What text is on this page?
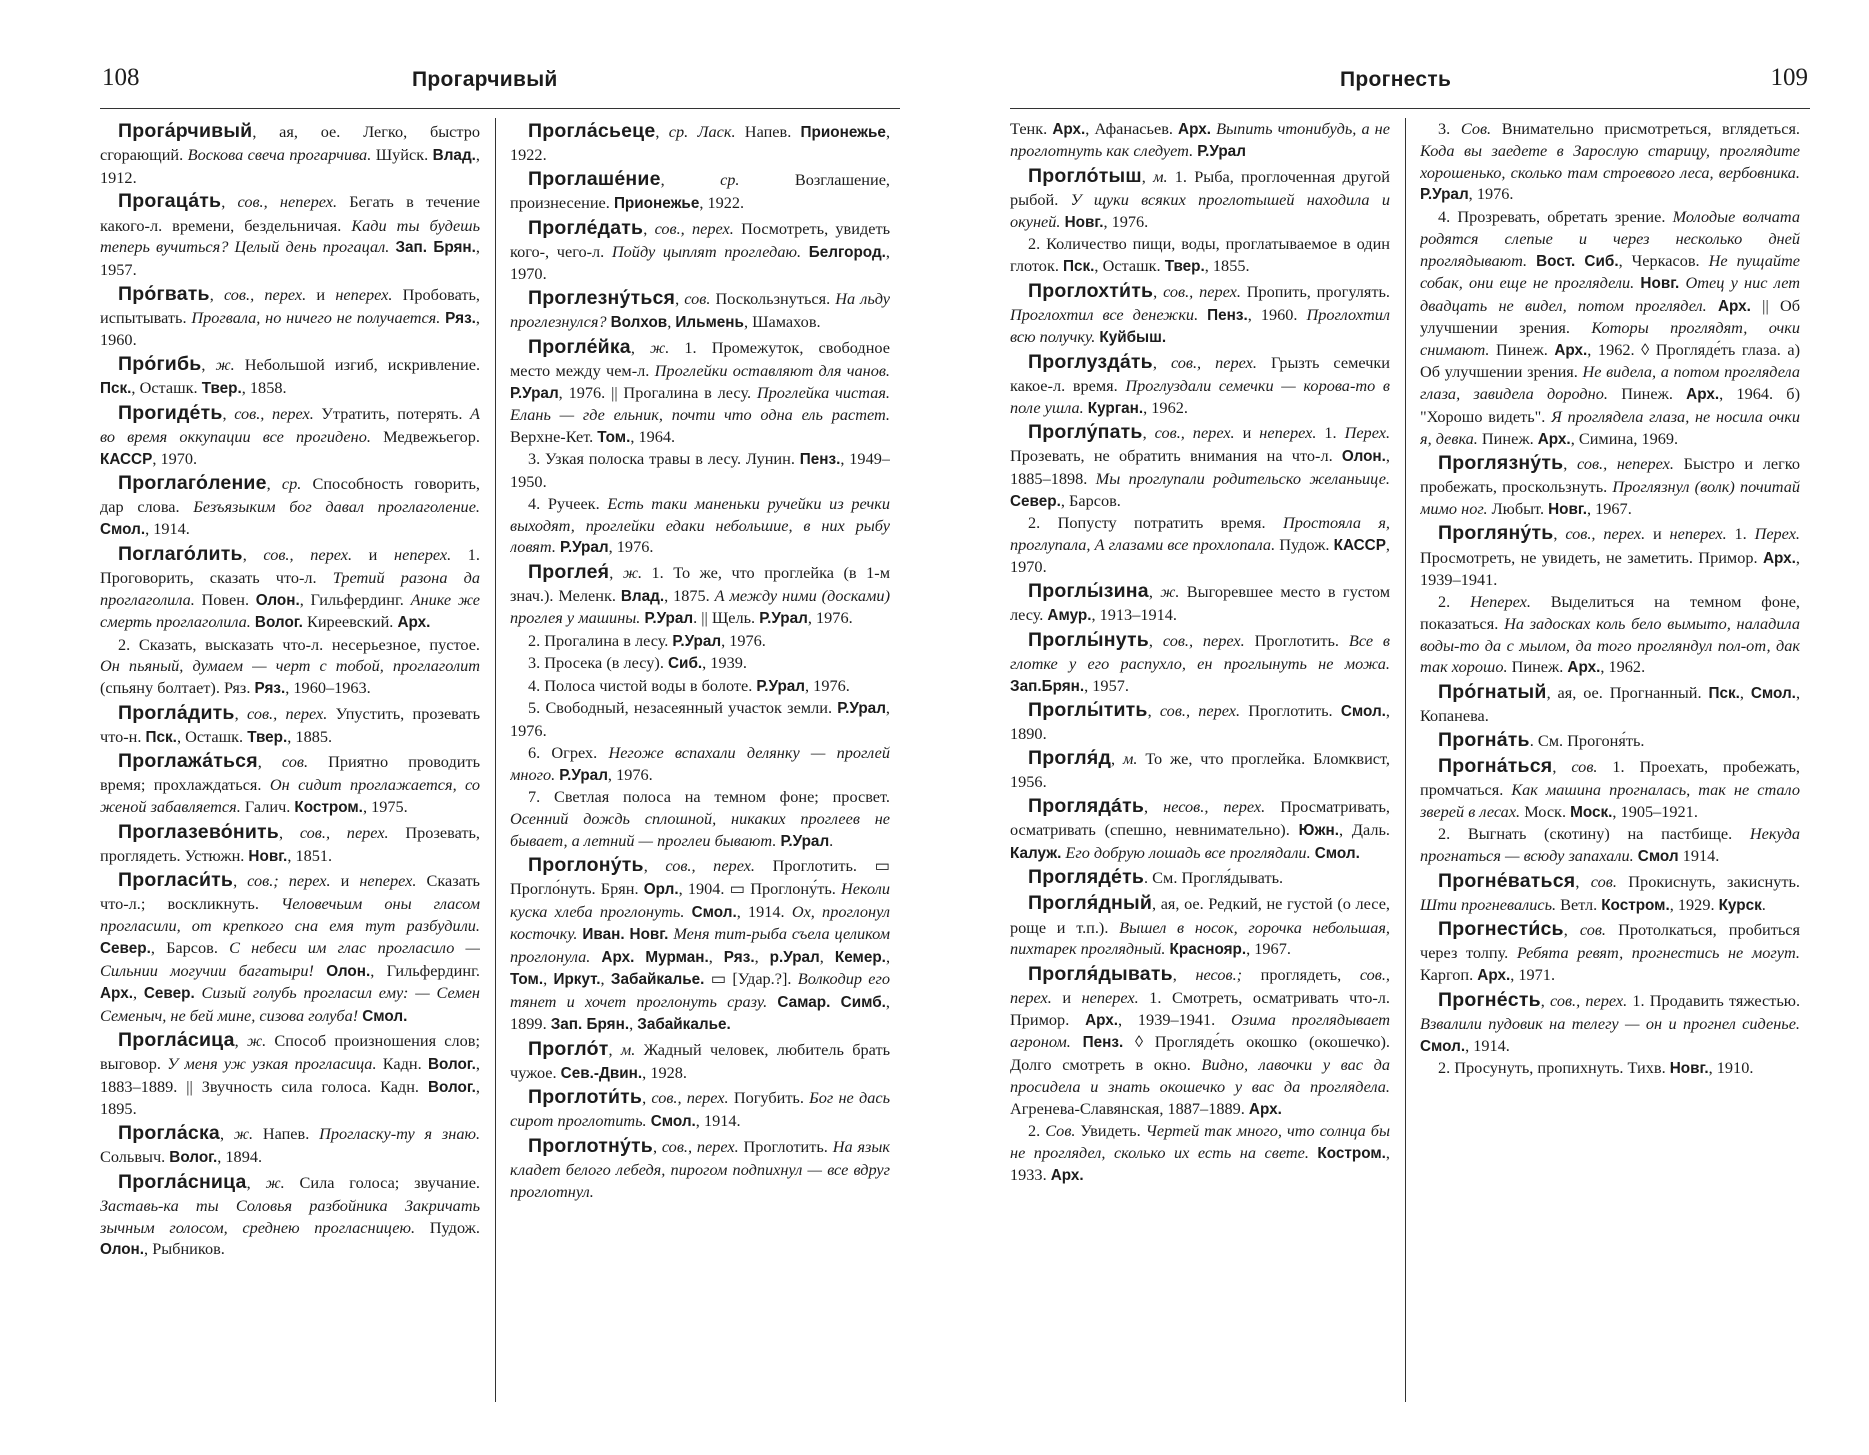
108	Прогарчивый

Прога́рчивый, ая, ое. Легко, быстро сгорающий. Воскова свеча прогарчива. Шуйск. Влад., 1912.

Прогаца́ть, сов., неперех. Бегать в течение какого-л. времени, бездельничая. Кади ты будешь теперь вучиться? Целый день прогацал. Зап. Брян., 1957.

Про́гвать, сов., перех. и неперех. Пробовать, испытывать. Прогвала, но ничего не получается. Ряз., 1960.

Про́гибь, ж. Небольшой изгиб, искривление. Пск., Осташк. Твер., 1858.

Прогиде́ть, сов., перех. Утратить, потерять. А во время оккупации все прогидено. Медвежьегор. КАССР, 1970.

Проглаго́ление, ср. Способность говорить, дар слова. Безъязыким бог давал проглаголение. Смол., 1914.

Поглаго́лить, сов., перех. и неперех. 1. Проговорить, сказать что-л. Третий разона да проглаголила. Повен. Олон., Гильфердинг. Анике же смерть проглаголила. Волог. Киреевский. Арх.

2. Сказать, высказать что-л. несерьезное, пустое. Он пьяный, думаем — черт с тобой, проглаголит (спьяну болтает). Ряз. Ряз., 1960–1963.

Прогла́дить, сов., перех. Упустить, прозевать что-н. Пск., Осташк. Твер., 1885.

Проглажа́ться, сов. Приятно проводить время; прохлаждаться. Он сидит проглажается, со женой забавляется. Галич. Костром., 1975.

Проглазево́нить, сов., перех. Прозевать, проглядеть. Устюжн. Новг., 1851.

Прогласи́ть, сов.; перех. и неперех. Сказать что-л.; воскликнуть. Человечьим оны гласом прогласили, от крепкого сна емя тут разбудили. Север., Барсов. С небеси им глас прогласило — Сильнии могучии багатыри! Олон., Гильфердинг. Арх., Север. Сизый голубь прогласил ему: — Семен Семеныч, не бей мине, сизова голуба! Смол.

Прогла́сица, ж. Способ произношения слов; выговор. У меня уж узкая прогласица. Кадн. Волог., 1883–1889. || Звучность сила голоса. Кадн. Волог., 1895.

Прогла́ска, ж. Напев. Прогласку-ту я знаю. Сольвыч. Волог., 1894.

Прогла́сница, ж. Сила голоса; звучание. Заставь-ка ты Соловья разбойника Закричать зычным голосом, среднею прогласницею. Пудож. Олон., Рыбников.

Прогла́сьеце, ср. Ласк. Напев. Прионежье, 1922.

Проглаше́ние, ср. Возглашение, произнесение. Прионежье, 1922.

Прогле́дать, сов., перех. Посмотреть, увидеть кого-, чего-л. Пойду цыплят прогледаю. Белгород., 1970.

Проглезну́ться, сов. Поскользнуться. На льду проглезнулся? Волхов, Ильмень, Шамахов.

Прогле́йка, ж. 1. Промежуток, свободное место между чем-л. Проглейки оставляют для чанов. Р.Урал, 1976. || Прогалина в лесу. Проглейка чистая. Елань — где ельник, почти что одна ель растет. Верхне-Кет. Том., 1964.

3. Узкая полоска травы в лесу. Лунин. Пенз., 1949–1950.

4. Ручеек. Есть таки маненьки ручейки из речки выходят, проглейки едаки небольшие, в них рыбу ловят. Р.Урал, 1976.

Проглея́, ж. 1. То же, что проглейка (в 1-м знач.). Меленк. Влад., 1875. А между ними (досками) проглея у машины. Р.Урал. || Щель. Р.Урал, 1976.

2. Прогалина в лесу. Р.Урал, 1976.

3. Просека (в лесу). Сиб., 1939.

4. Полоса чистой воды в болоте. Р.Урал, 1976.

5. Свободный, незасеянный участок земли. Р.Урал, 1976.

6. Огрех. Негоже вспахали делянку — проглей много. Р.Урал, 1976.

7. Светлая полоса на темном фоне; просвет. Осенний дождь сплошной, никаких проглеев не бывает, а летний — проглеи бывают. Р.Урал.

Проглону́ть, сов., перех. Проглотить. ▭ Прогло́нуть. Брян. Орл., 1904. ▭ Проглону́ть. Неколи куска хлеба проглонуть. Смол., 1914. Ох, проглонул косточку. Иван. Новг. Меня тит-рыба съела целиком проглонула. Арх. Мурман., Ряз., р.Урал, Кемер., Том., Иркут., Забайкалье. ▭ [Удар.?]. Волкодир его тянет и хочет проглонуть сразу. Самар. Симб., 1899. Зап. Брян., Забайкалье.

Прогло́т, м. Жадный человек, любитель брать чужое. Сев.-Двин., 1928.

Проглоти́ть, сов., перех. Погубить. Бог не дась сирот проглотить. Смол., 1914.

Проглотну́ть, сов., перех. Проглотить. На язык кладет белого лебедя, пирогом подпихнул — все вдруг проглотнул.

Прогнесть	109

Тенк. Арх., Афанасьев. Арх. Выпить чтонибудь, а не проглотнуть как следует. Р.Урал

Прогло́тыш, м. 1. Рыба, проглоченная другой рыбой. У щуки всяких проглотышей находила и окуней. Новг., 1976.

2. Количество пищи, воды, проглатываемое в один глоток. Пск., Осташк. Твер., 1855.

Проглохти́ть, сов., перех. Пропить, прогулять. Проглохтил все денежки. Пенз., 1960. Проглохтил всю получку. Куйбыш.

Проглузда́ть, сов., перех. Грызть семечки какое-л. время. Проглуздали семечки — корова-то в поле ушла. Курган., 1962.

Проглу́пать, сов., перех. и неперех. 1. Перех. Прозевать, не обратить внимания на что-л. Олон., 1885–1898. Мы проглупали родительско желаньице. Север., Барсов.

2. Попусту потратить время. Простояла я, проглупала, А глазами все прохлопала. Пудож. КАССР, 1970.

Проглы́зина, ж. Выгоревшее место в густом лесу. Амур., 1913–1914.

Проглы́нуть, сов., перех. Проглотить. Все в глотке у его распухло, ен проглынуть не можа. Зап.Брян., 1957.

Проглы́тить, сов., перех. Проглотить. Смол., 1890.

Прогля́д, м. То же, что проглейка. Бломквист, 1956.

Проглядáть, несов., перех. Просматривать, осматривать (спешно, невнимательно). Южн., Даль. Калуж. Его добрую лошадь все проглядали. Смол.

Прогляде́ть. См. Прогля́дывать.

Прогля́дный, ая, ое. Редкий, не густой (о лесе, роще и т.п.). Вышел в носок, горочка небольшая, пихтарек проглядный. Краснояр., 1967.

Прогля́дывать, несов.; проглядеть, сов., перех. и неперех. 1. Смотреть, осматривать что-л. Примор. Арх., 1939–1941. Озима проглядывает агроном. Пенз. ◊ Прогляде́ть окошко (окошечко). Долго смотреть в окно. Видно, лавочки у вас да просидела и знать окошечко у вас да проглядела. Агренева-Славянская, 1887–1889. Арх.

2. Сов. Увидеть. Чертей так много, что солнца бы не проглядел, сколько их есть на свете. Костром., 1933. Арх.

3. Сов. Внимательно присмотреться, вглядеться. Кода вы заедете в Зарослую старицу, проглядите хорошенько, сколько там строевого леса, вербовника. Р.Урал, 1976.

4. Прозревать, обретать зрение. Молодые волчата родятся слепые и через несколько дней проглядывают. Вост. Сиб., Черкасов. Не пущайте собак, они еще не проглядели. Новг. Отец у нис лет двадцать не видел, потом проглядел. Арх. || Об улучшении зрения. Которы проглядят, очки снимают. Пинеж. Арх., 1962. ◊ Прогляде́ть глаза. а) Об улучшении зрения. Не видела, а потом проглядела глаза, завидела дородно. Пинеж. Арх., 1964. б) "Хорошо видеть". Я проглядела глаза, не носила очки я, девка. Пинеж. Арх., Симина, 1969.

Проглязну́ть, сов., неперех. Быстро и легко пробежать, проскользнуть. Проглязнул (волк) почитай мимо ног. Любыт. Новг., 1967.

Прогляну́ть, сов., перех. и неперех. 1. Перех. Просмотреть, не увидеть, не заметить. Примор. Арх., 1939–1941.

2. Неперех. Выделиться на темном фоне, показаться. На задосках коль бело вымыто, наладила воды-то да с мылом, да того прогляндул пол-от, дак так хорошо. Пинеж. Арх., 1962.

Про́гнатый, ая, ое. Прогнанный. Пск., Смол., Копанева.

Прогна́ть. См. Прогоня́ть.

Прогна́ться, сов. 1. Проехать, пробежать, промчаться. Как машина прогналась, так не стало зверей в лесах. Моск. Моск., 1905–1921.

2. Выгнать (скотину) на пастбище. Некуда прогнаться — всюду запахали. Смол 1914.

Прогне́ваться, сов. Прокиснуть, закиснуть. Шти прогневались. Ветл. Костром., 1929. Курск.

Прогнести́сь, сов. Протолкаться, пробиться через толпу. Ребята ревят, прогнестись не могут. Каргоп. Арх., 1971.

Прогне́сть, сов., перех. 1. Продавить тяжестью. Взвалили пудовик на телегу — он и прогнел сиденье. Смол., 1914.

2. Просунуть, пропихнуть. Тихв. Новг., 1910.
